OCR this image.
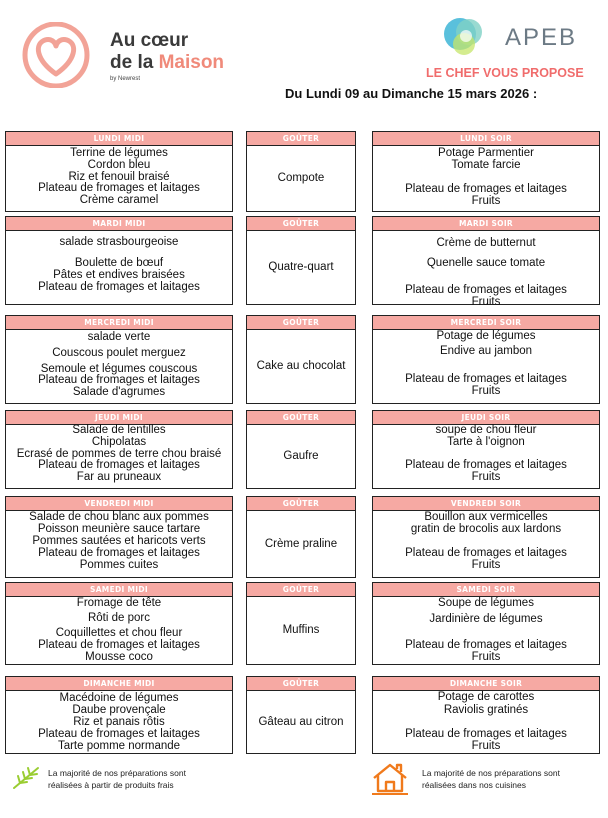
Au cœur
de la Maison
by Newrest
APEB
LE CHEF VOUS PROPOSE
Du Lundi 09 au Dimanche 15 mars 2026 :
LUNDI MIDI
Terrine de légumes
Cordon bleu
Riz et fenouil braisé
Plateau de fromages et laitages
Crème caramel
GOÛTER
Compote
LUNDI SOIR
Potage Parmentier
Tomate farcie
Plateau de fromages et laitages
Fruits
MARDI MIDI
salade strasbourgeoise
Boulette de bœuf
Pâtes et endives braisées
Plateau de fromages et laitages
GOÛTER
Quatre-quart
MARDI SOIR
Crème de butternut
Quenelle sauce tomate
Plateau de fromages et laitages
Fruits
MERCREDI MIDI
salade verte
Couscous poulet merguez
Semoule et légumes couscous
Plateau de fromages et laitages
Salade d'agrumes
GOÛTER
Cake au chocolat
MERCREDI SOIR
Potage de légumes
Endive au jambon
Plateau de fromages et laitages
Fruits
JEUDI MIDI
Salade de lentilles
Chipolatas
Ecrasé de pommes de terre chou braisé
Plateau de fromages et laitages
Far au pruneaux
GOÛTER
Gaufre
JEUDI SOIR
soupe de chou fleur
Tarte à l'oignon
Plateau de fromages et laitages
Fruits
VENDREDI MIDI
Salade de chou blanc aux pommes
Poisson meunière sauce tartare
Pommes sautées et haricots verts
Plateau de fromages et laitages
Pommes cuites
GOÛTER
Crème praline
VENDREDI SOIR
Bouillon aux vermicelles
gratin de brocolis aux lardons
Plateau de fromages et laitages
Fruits
SAMEDI MIDI
Fromage de tête
Rôti de porc
Coquillettes et chou fleur
Plateau de fromages et laitages
Mousse coco
GOÛTER
Muffins
SAMEDI SOIR
Soupe de légumes
Jardinière de légumes
Plateau de fromages et laitages
Fruits
DIMANCHE MIDI
Macédoine de légumes
Daube provençale
Riz et panais rôtis
Plateau de fromages et laitages
Tarte pomme normande
GOÛTER
Gâteau au citron
DIMANCHE SOIR
Potage de carottes
Raviolis gratinés
Plateau de fromages et laitages
Fruits
La majorité de nos préparations sont
réalisées à partir de produits frais
La majorité de nos préparations sont
réalisées dans nos cuisines
